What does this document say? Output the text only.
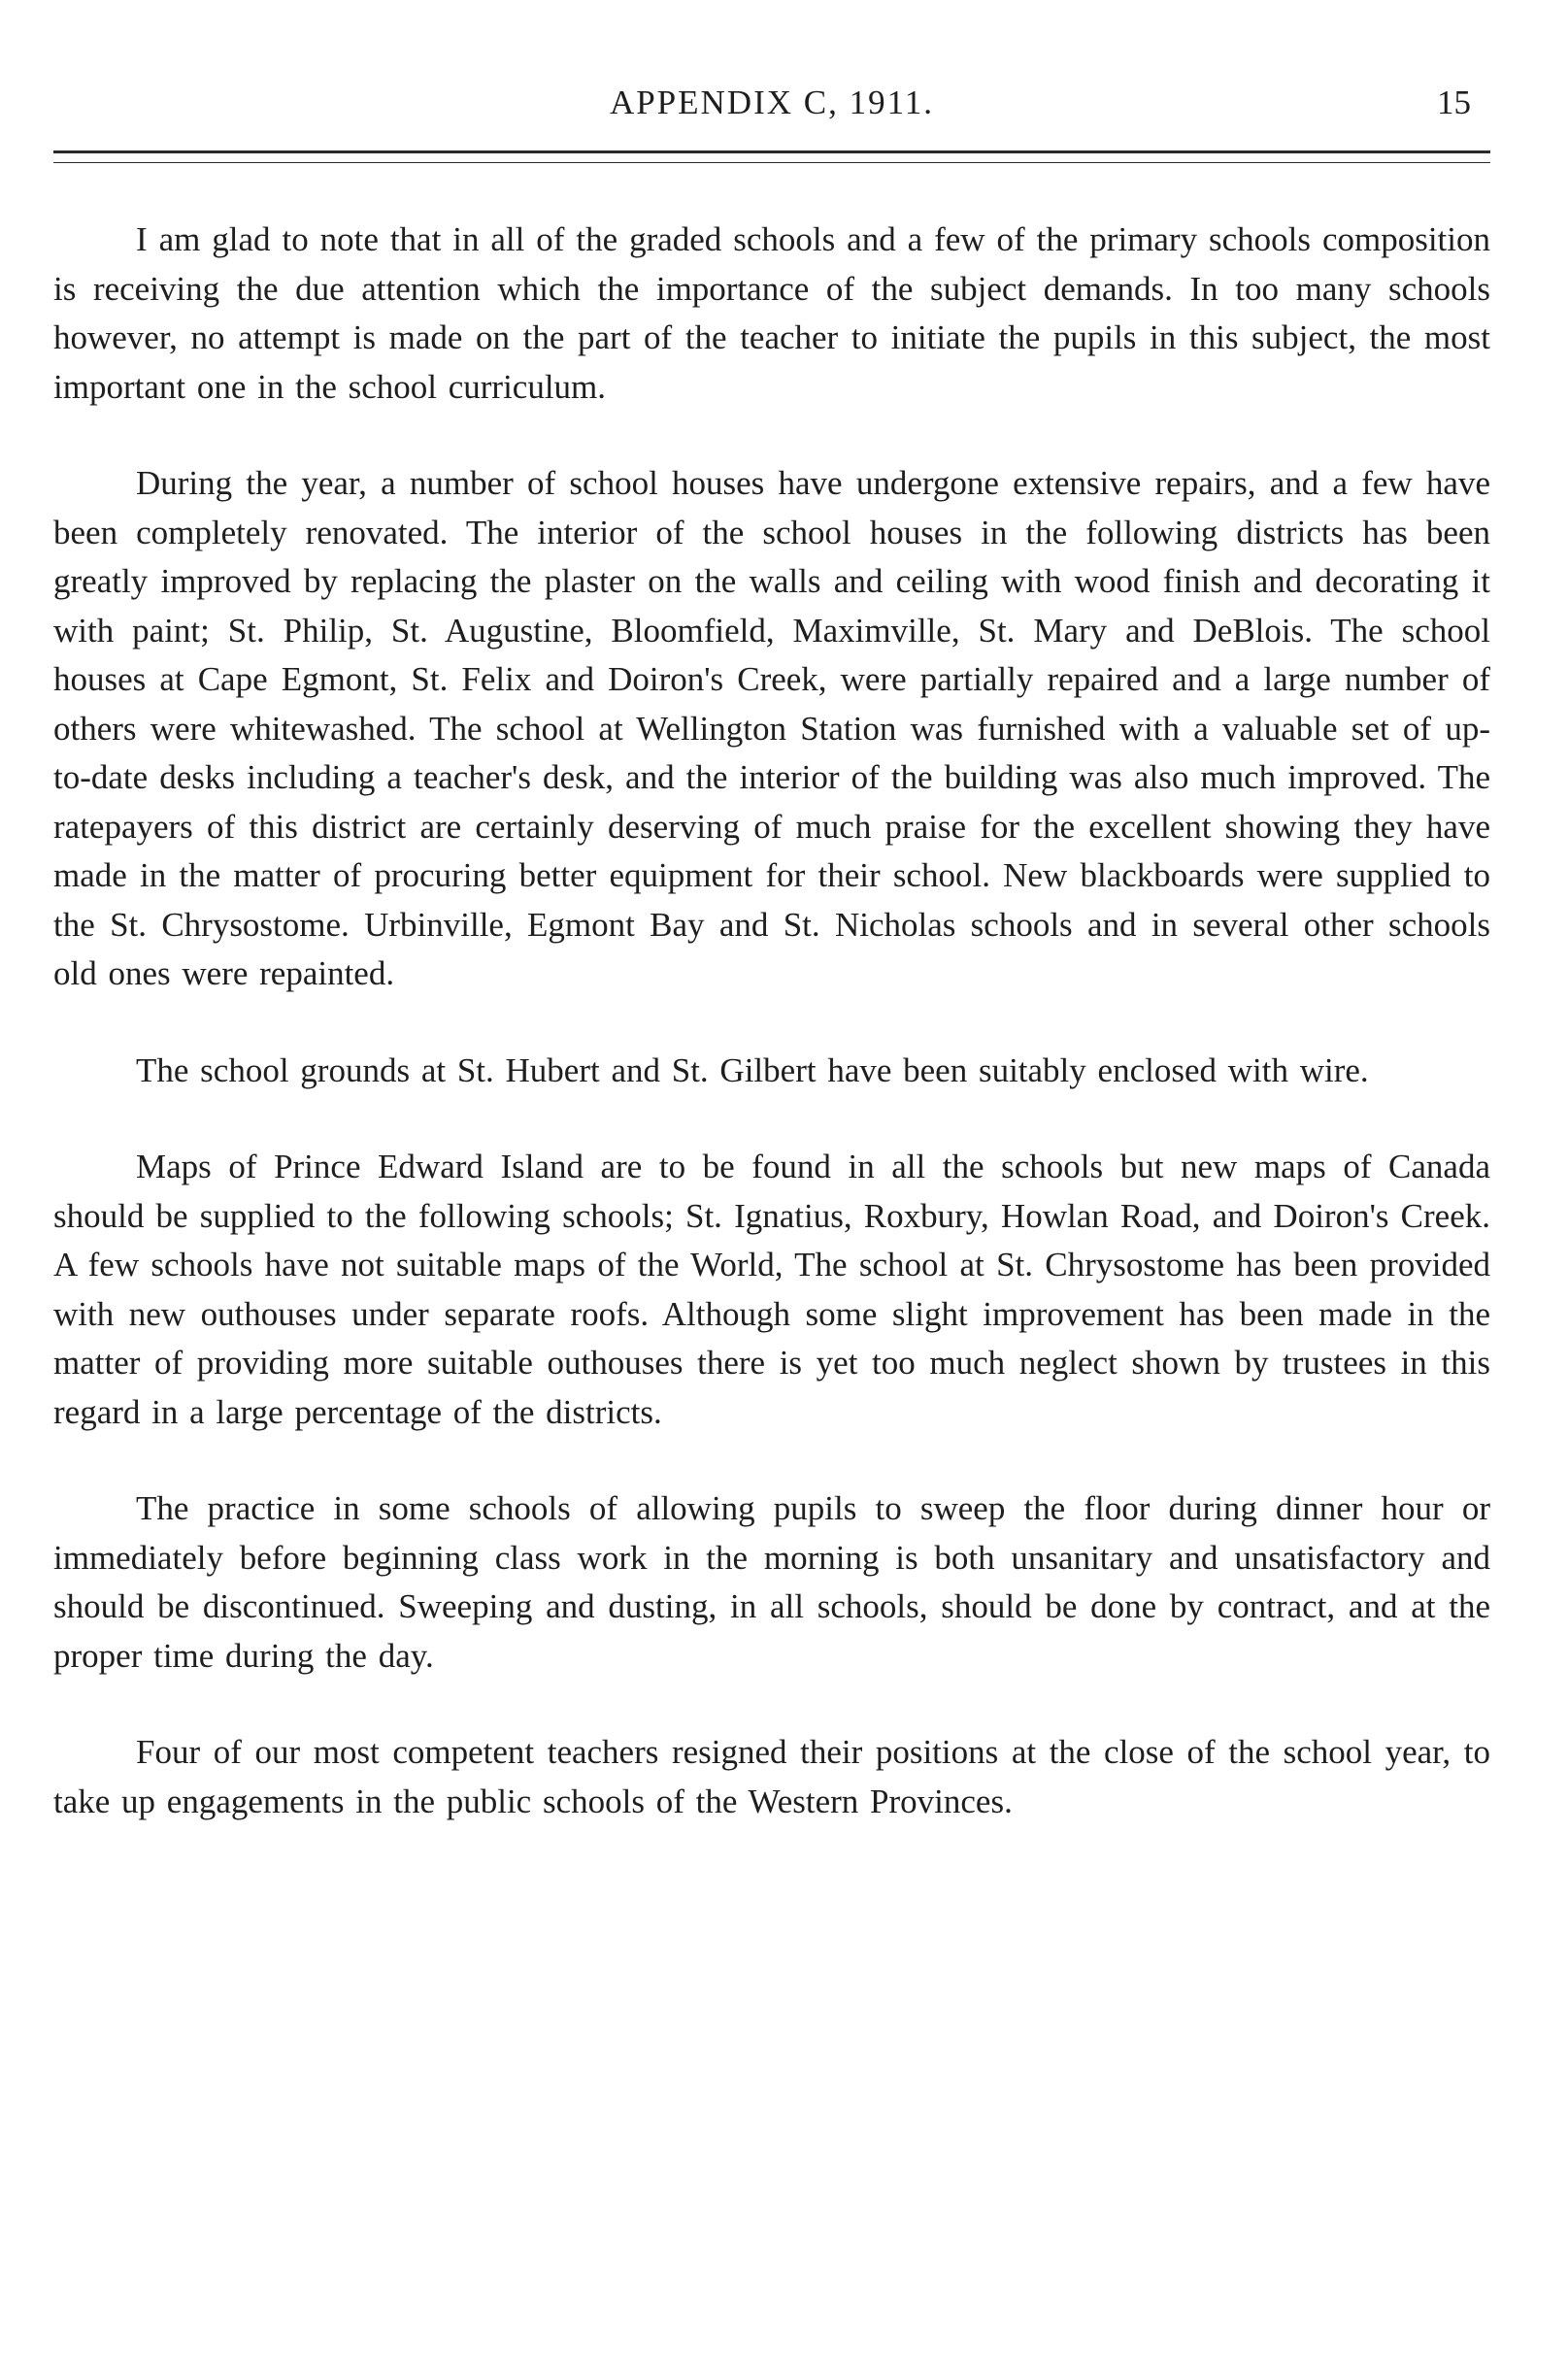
APPENDIX C, 1911.	15

I am glad to note that in all of the graded schools and a few of the primary schools composition is receiving the due attention which the importance of the subject demands. In too many schools however, no attempt is made on the part of the teacher to initiate the pupils in this subject, the most important one in the school curriculum.

During the year, a number of school houses have undergone extensive repairs, and a few have been completely renovated. The interior of the school houses in the following districts has been greatly improved by replacing the plaster on the walls and ceiling with wood finish and decorating it with paint; St. Philip, St. Augustine, Bloomfield, Maximville, St. Mary and DeBlois. The school houses at Cape Egmont, St. Felix and Doiron's Creek, were partially repaired and a large number of others were whitewashed. The school at Wellington Station was furnished with a valuable set of up-to-date desks including a teacher's desk, and the interior of the building was also much improved. The ratepayers of this district are certainly deserving of much praise for the excellent showing they have made in the matter of procuring better equipment for their school. New blackboards were supplied to the St. Chrysostome. Urbinville, Egmont Bay and St. Nicholas schools and in several other schools old ones were repainted.

The school grounds at St. Hubert and St. Gilbert have been suitably enclosed with wire.

Maps of Prince Edward Island are to be found in all the schools but new maps of Canada should be supplied to the following schools; St. Ignatius, Roxbury, Howlan Road, and Doiron's Creek. A few schools have not suitable maps of the World, The school at St. Chrysostome has been provided with new outhouses under separate roofs. Although some slight improvement has been made in the matter of providing more suitable outhouses there is yet too much neglect shown by trustees in this regard in a large percentage of the districts.

The practice in some schools of allowing pupils to sweep the floor during dinner hour or immediately before beginning class work in the morning is both unsanitary and unsatisfactory and should be discontinued. Sweeping and dusting, in all schools, should be done by contract, and at the proper time during the day.

Four of our most competent teachers resigned their positions at the close of the school year, to take up engagements in the public schools of the Western Provinces.
